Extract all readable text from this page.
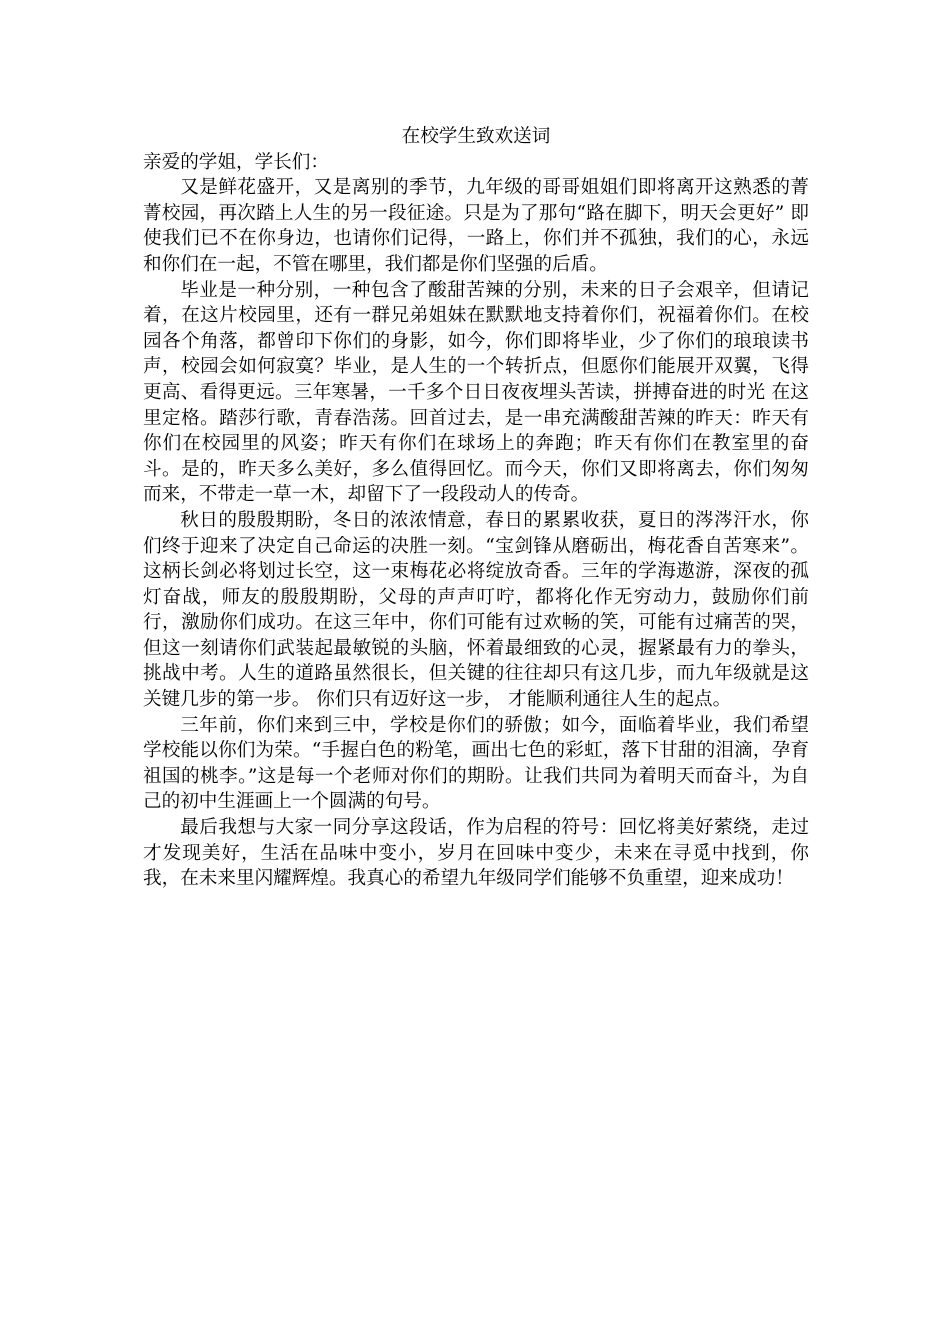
在校学生致欢送词

亲爱的学姐，学长们：

又是鲜花盛开，又是离别的季节，九年级的哥哥姐姐们即将离开这熟悉的菁菁校园，再次踏上人生的另一段征途。只是为了那句“路在脚下，明天会更好” 即使我们已不在你身边，也请你们记得，一路上，你们并不孤独，我们的心，永远和你们在一起，不管在哪里，我们都是你们坚强的后盾。

毕业是一种分别，一种包含了酸甜苦辣的分别，未来的日子会艰辛，但请记着，在这片校园里，还有一群兄弟姐妹在默默地支持着你们，祝福着你们。在校园各个角落，都曾印下你们的身影，如今，你们即将毕业，少了你们的琅琅读书声，校园会如何寂寞？毕业，是人生的一个转折点，但愿你们能展开双翼，飞得更高、看得更远。三年寒暑，一千多个日日夜夜埋头苦读，拼搏奋进的时光 在这里定格。踏莎行歌，青春浩荡。回首过去，是一串充满酸甜苦辣的昨天：昨天有你们在校园里的风姿；昨天有你们在球场上的奔跑；昨天有你们在教室里的奋斗。是的，昨天多么美好，多么值得回忆。而今天，你们又即将离去，你们匆匆而来，不带走一草一木，却留下了一段段动人的传奇。

秋日的殷殷期盼，冬日的浓浓情意，春日的累累收获，夏日的涔涔汗水，你们终于迎来了决定自己命运的决胜一刻。“宝剑锋从磨砺出，梅花香自苦寒来”。这柄长剑必将划过长空，这一束梅花必将绽放奇香。三年的学海遨游，深夜的孤灯奋战，师友的殷殷期盼，父母的声声叮咛，都将化作无穷动力，鼓励你们前行，激励你们成功。在这三年中，你们可能有过欢畅的笑，可能有过痛苦的哭，但这一刻请你们武装起最敏锐的头脑，怀着最细致的心灵，握紧最有力的拳头，挑战中考。人生的道路虽然很长，但关键的往往却只有这几步，而九年级就是这关键几步的第一步。 你们只有迈好这一步， 才能顺利通往人生的起点。

三年前，你们来到三中，学校是你们的骄傲；如今，面临着毕业，我们希望学校能以你们为荣。“手握白色的粉笔，画出七色的彩虹，落下甘甜的泪滴，孕育祖国的桃李。”这是每一个老师对你们的期盼。让我们共同为着明天而奋斗，为自己的初中生涯画上一个圆满的句号。

最后我想与大家一同分享这段话，作为启程的符号：回忆将美好萦绕，走过才发现美好，生活在品味中变小，岁月在回味中变少，未来在寻觅中找到，你我，在未来里闪耀辉煌。我真心的希望九年级同学们能够不负重望，迎来成功！
